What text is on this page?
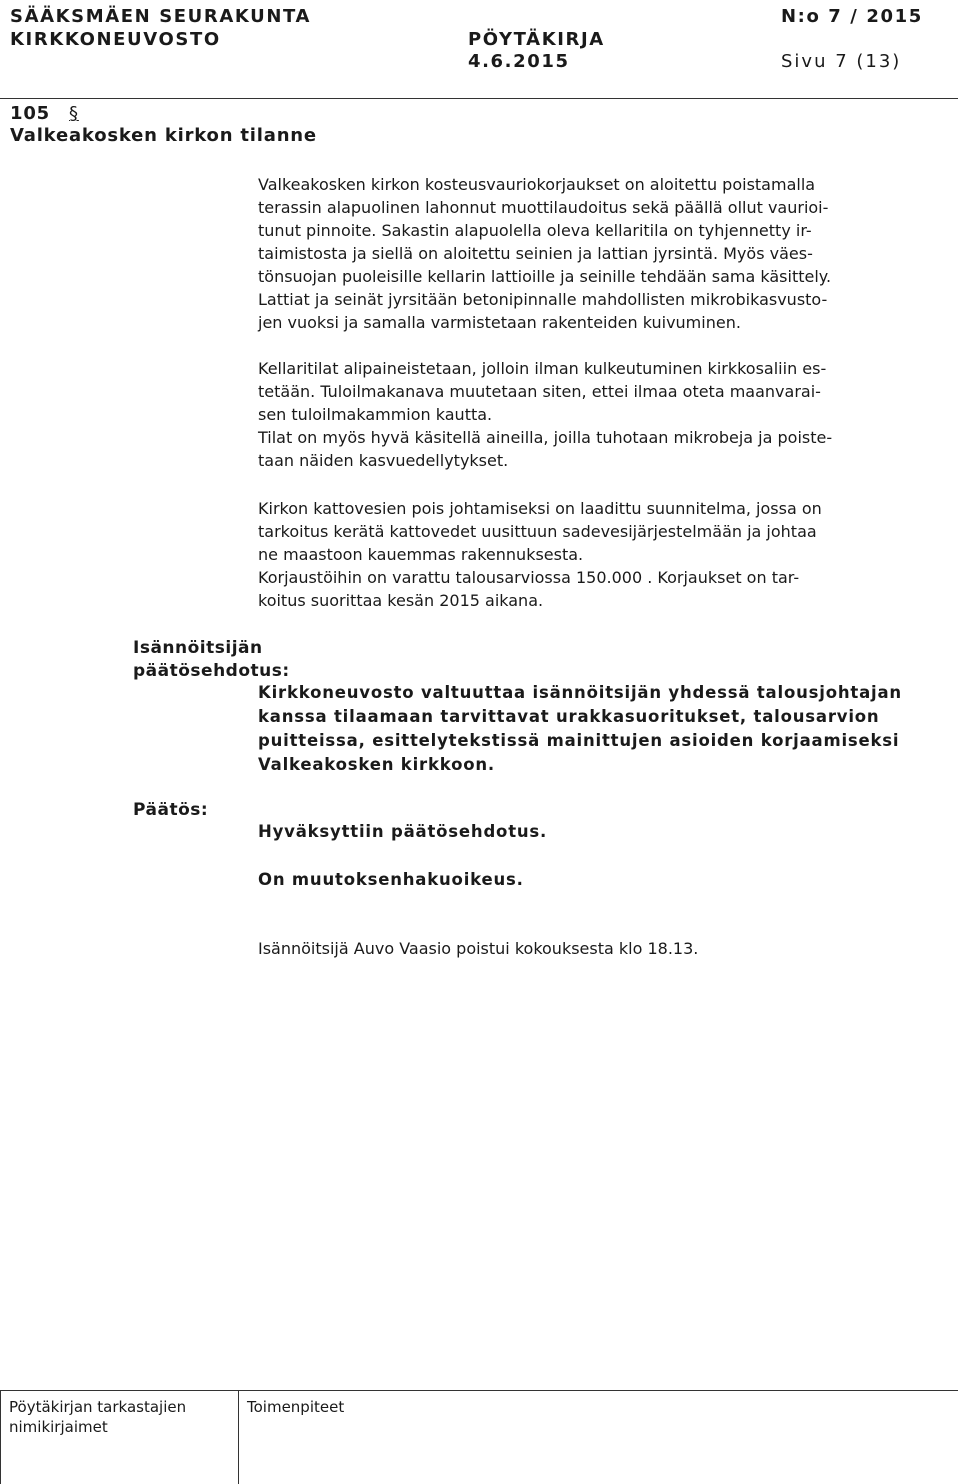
SÄÄKSMÄEN SEURAKUNTA
KIRKKONEUVOSTO	PÖYTÄKIRJA
4.6.2015
N:o 7 / 2015
Sivu 7 (13)
105 §
Valkeakosken kirkon tilanne
Valkeakosken kirkon kosteusvauriokorjaukset on aloitettu poistamalla
terassin alapuolinen lahonnut muottilaudoitus sekä päällä ollut vaurioi-
tunut pinnoite. Sakastin alapuolella oleva kellaritila on tyhjennetty ir-
taimistosta ja siellä on aloitettu seinien ja lattian jyrsintä. Myös väes-
tönsuojan puoleisille kellarin lattioille ja seinille tehdään sama käsittely.
Lattiat ja seinät jyrsitään betonipinnalle mahdollisten mikrobikasvusto-
jen vuoksi ja samalla varmistetaan rakenteiden kuivuminen.
Kellaritilat alipaineistetaan, jolloin ilman kulkeutuminen kirkkosaliin es-
tetään. Tuloilmakanava muutetaan siten, ettei ilmaa oteta maanvarai-
sen tuloilmakammion kautta.
Tilat on myös hyvä käsitellä aineilla, joilla tuhotaan mikrobeja ja poiste-
taan näiden kasvuedellytykset.
Kirkon kattovesien pois johtamiseksi on laadittu suunnitelma, jossa on
tarkoitus kerätä kattovedet uusittuun sadevesijärjestelmään ja johtaa
ne maastoon kauemmas rakennuksesta.
Korjaustöihin on varattu talousarviossa 150.000 . Korjaukset on tar-
koitus suorittaa kesän 2015 aikana.
Isännöitsijän
päätösehdotus:
Kirkkoneuvosto valtuuttaa isännöitsijän yhdessä talousjohtajan
kanssa tilaamaan tarvittavat urakkasuoritukset, talousarvion
puitteissa, esittelytekstissä mainittujen asioiden korjaamiseksi
Valkeakosken kirkkoon.
Päätös:
Hyväksyttiin päätösehdotus.
On muutoksenhakuoikeus.
Isännöitsijä Auvo Vaasio poistui kokouksesta klo 18.13.
Pöytäkirjan tarkastajien
nimikirjaimet
Toimenpiteet
